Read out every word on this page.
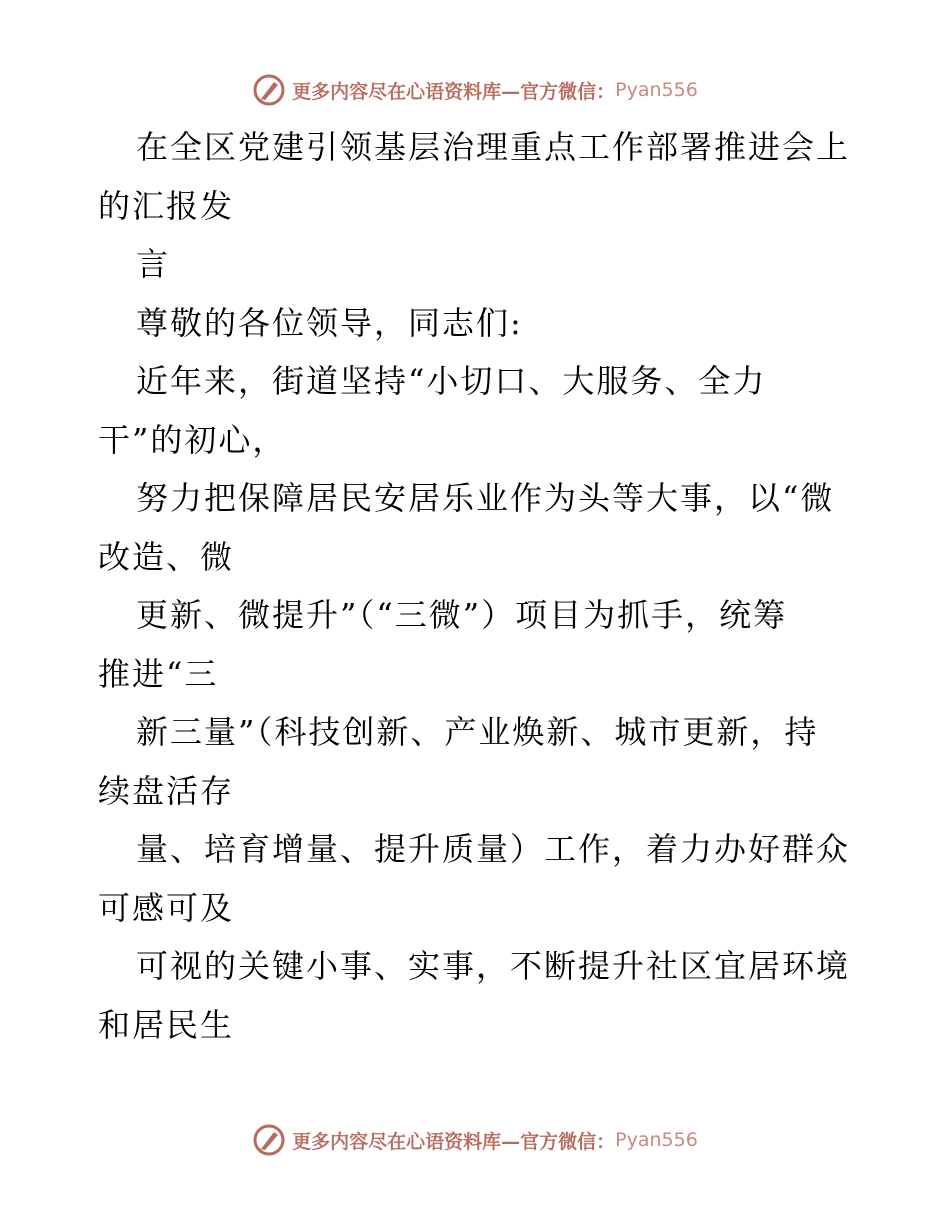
更多内容尽在心语资料库—官方微信： Pyan556
在全区党建引领基层治理重点工作部署推进会上
的汇报发
言
尊敬的各位领导，同志们:
近年来，街道坚持“小切口、大服务、全力
干”的初心，
努力把保障居民安居乐业作为头等大事，以“微
改造、微
更新、微提升”（“三微”）项目为抓手，统筹
推进“三
新三量”（科技创新、产业焕新、城市更新，持
续盘活存
量、培育增量、提升质量）工作，着力办好群众
可感可及
可视的关键小事、实事，不断提升社区宜居环境
和居民生
更多内容尽在心语资料库—官方微信： Pyan556
